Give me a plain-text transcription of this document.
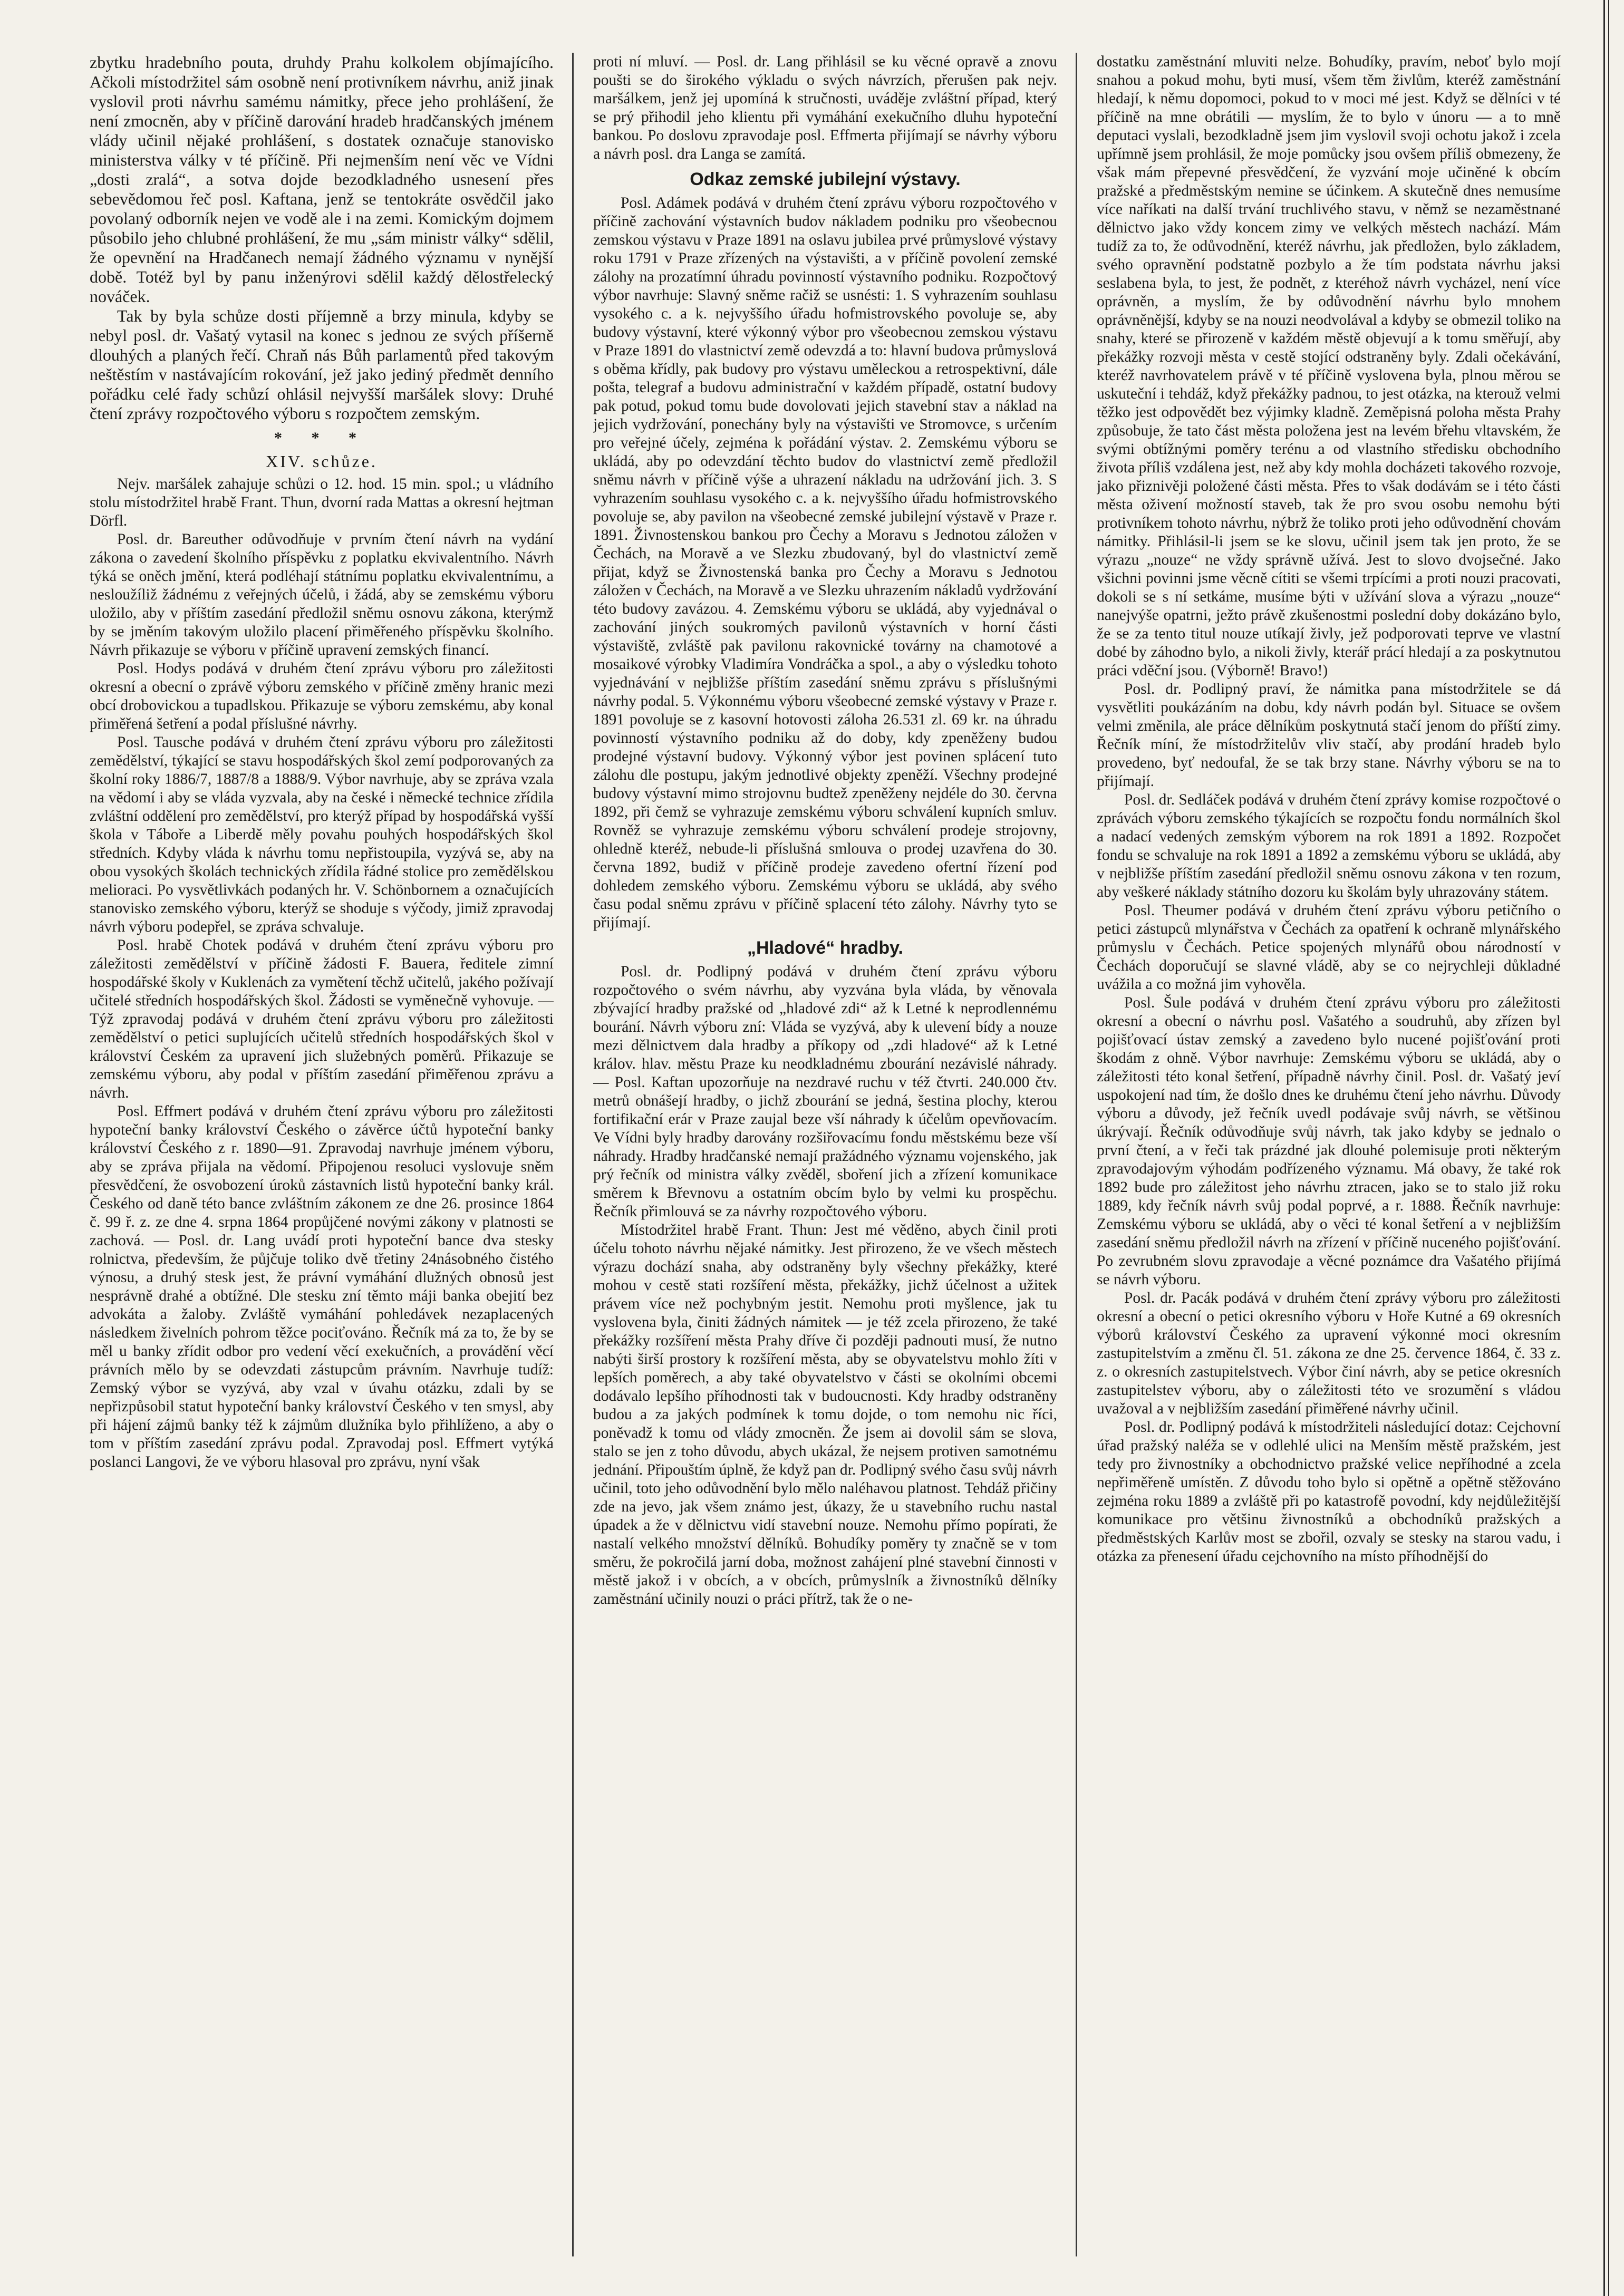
zbytku hradebního pouta, druhdy Prahu kolkolem objímajícího. Ačkoli místodržitel sám osobně není protivníkem návrhu, aniž jinak vyslovil proti návrhu samému námitky, přece jeho prohlášení, že není zmocněn, aby v příčině darování hradeb hradčanských jménem vlády učinil nějaké prohlášení, s dostatek označuje stanovisko ministerstva války v té příčině. Při nejmenším není věc ve Vídni „dosti zralá“, a sotva dojde bezodkladného usnesení přes sebevědomou řeč posl. Kaftana, jenž se tentokráte osvědčil jako povolaný odborník nejen ve vodě ale i na zemi. Komickým dojmem působilo jeho chlubné prohlášení, že mu „sám ministr války“ sdělil, že opevnění na Hradčanech nemají žádného významu v nynější době. Totéž byl by panu inženýrovi sdělil každý dělostřelecký nováček.

Tak by byla schůze dosti příjemně a brzy minula, kdyby se nebyl posl. dr. Vašatý vytasil na konec s jednou ze svých příšerně dlouhých a planých řečí. Chraň nás Bůh parlamentů před takovým neštěstím v nastávajícím rokování, jež jako jediný předmět denního pořádku celé řady schůzí ohlásil nejvyšší maršálek slovy: Druhé čtení zprávy rozpočtového výboru s rozpočtem zemským.

* * *
XIV. schůze.

Nejv. maršálek zahajuje schůzi o 12. hod. 15 min. spol.; u vládního stolu místodržitel hrabě Frant. Thun, dvorní rada Mattas a okresní hejtman Dörfl.

Posl. dr. Bareuther odůvodňuje v prvním čtení návrh na vydání zákona o zavedení školního příspěvku z poplatku ekvivalentního. Návrh týká se oněch jmění, která podléhají státnímu poplatku ekvivalentnímu, a nesloužíliž žádnému z veřejných účelů, i žádá, aby se zemskému výboru uložilo, aby v příštím zasedání předložil sněmu osnovu zákona, kterýmž by se jměním takovým uložilo placení přiměřeného příspěvku školního. Návrh přikazuje se výboru v příčině upravení zemských financí.

Posl. Hodys podává v druhém čtení zprávu výboru pro záležitosti okresní a obecní o zprávě výboru zemského v příčině změny hranic mezi obcí drobovickou a tupadlskou. Přikazuje se výboru zemskému, aby konal přiměřená šetření a podal příslušné návrhy.

Posl. Tausche podává v druhém čtení zprávu výboru pro záležitosti zemědělství, týkající se stavu hospodářských škol zemí podporovaných za školní roky 1886/7, 1887/8 a 1888/9. Výbor navrhuje, aby se zpráva vzala na vědomí i aby se vláda vyzvala, aby na české i německé technice zřídila zvláštní oddělení pro zemědělství, pro kterýž případ by hospodářská vyšší škola v Táboře a Liberdě měly povahu pouhých hospodářských škol středních. Kdyby vláda k návrhu tomu nepřistoupila, vyzývá se, aby na obou vysokých školách technických zřídila řádné stolice pro zemědělskou melioraci. Po vysvětlivkách podaných hr. V. Schönbornem a označujících stanovisko zemského výboru, kterýž se shoduje s výčody, jimiž zpravodaj návrh výboru podepřel, se zpráva schvaluje.

Posl. hrabě Chotek podává v druhém čtení zprávu výboru pro záležitosti zemědělství v příčině žádosti F. Bauera, ředitele zimní hospodářské školy v Kuklenách za vymětení těchž učitelů, jakého požívají učitelé středních hospodářských škol. Žádosti se vyměnečně vyhovuje. — Týž zpravodaj podává v druhém čtení zprávu výboru pro záležitosti zemědělství o petici suplujících učitelů středních hospodářských škol v království Českém za upravení jich služebných poměrů. Přikazuje se zemskému výboru, aby podal v příštím zasedání přiměřenou zprávu a návrh.

Posl. Effmert podává v druhém čtení zprávu výboru pro záležitosti hypoteční banky království Českého o závěrce účtů hypoteční banky království Českého z r. 1890—91. Zpravodaj navrhuje jménem výboru, aby se zpráva přijala na vědomí. Připojenou resoluci vyslovuje sněm přesvědčení, že osvobození úroků zástavních listů hypoteční banky král. Českého od daně této bance zvláštním zákonem ze dne 26. prosince 1864 č. 99 ř. z. ze dne 4. srpna 1864 propůjčené novými zákony v platnosti se zachová. — Posl. dr. Lang uvádí proti hypoteční bance dva stesky rolnictva, především, že půjčuje toliko dvě třetiny 24násobného čistého výnosu, a druhý stesk jest, že právní vymáhání dlužných obnosů jest nesprávně drahé a obtížné. Dle stesku zní těmto máji banka obejití bez advokáta a žaloby. Zvláště vymáhání pohledávek nezaplacených následkem živelních pohrom těžce pociťováno. Řečník má za to, že by se měl u banky zřídit odbor pro vedení věcí exekučních, a provádění věcí právních mělo by se odevzdati zástupcům právním. Navrhuje tudíž: Zemský výbor se vyzývá, aby vzal v úvahu otázku, zdali by se nepřizpůsobil statut hypoteční banky království Českého v ten smysl, aby při hájení zájmů banky též k zájmům dlužníka bylo přihlíženo, a aby o tom v příštím zasedání zprávu podal. Zpravodaj posl. Effmert vytýká poslanci Langovi, že ve výboru hlasoval pro zprávu, nyní však

proti ní mluví. — Posl. dr. Lang přihlásil se ku věcné opravě a znovu poušti se do širokého výkladu o svých návrzích, přerušen pak nejv. maršálkem, jenž jej upomíná k stručnosti, uváděje zvláštní případ, který se prý přihodil jeho klientu při vymáhání exekučního dluhu hypoteční bankou. Po doslovu zpravodaje posl. Effmerta přijímají se návrhy výboru a návrh posl. dra Langa se zamítá.

Odkaz zemské jubilejní výstavy.

Posl. Adámek podává v druhém čtení zprávu výboru rozpočtového v příčině zachování výstavních budov nákladem podniku pro všeobecnou zemskou výstavu v Praze 1891 na oslavu jubilea prvé průmyslové výstavy roku 1791 v Praze zřízených na výstavišti, a v příčině povolení zemské zálohy na prozatímní úhradu povinností výstavního podniku. Rozpočtový výbor navrhuje: Slavný sněme račiž se usnésti: 1. S vyhrazením souhlasu vysokého c. a k. nejvyššího úřadu hofmistrovského povoluje se, aby budovy výstavní, které výkonný výbor pro všeobecnou zemskou výstavu v Praze 1891 do vlastnictví země odevzdá a to: hlavní budova průmyslová s oběma křídly, pak budovy pro výstavu uměleckou a retrospektivní, dále pošta, telegraf a budovu administrační v každém případě, ostatní budovy pak potud, pokud tomu bude dovolovati jejich stavební stav a náklad na jejich vydržování, ponechány byly na výstavišti ve Stromovce, s určením pro veřejné účely, zejména k pořádání výstav. 2. Zemskému výboru se ukládá, aby po odevzdání těchto budov do vlastnictví země předložil sněmu návrh v příčině výše a uhrazení nákladu na udržování jich. 3. S vyhrazením souhlasu vysokého c. a k. nejvyššího úřadu hofmistrovského povoluje se, aby pavilon na všeobecné zemské jubilejní výstavě v Praze r. 1891. Živnostenskou bankou pro Čechy a Moravu s Jednotou záložen v Čechách, na Moravě a ve Slezku zbudovaný, byl do vlastnictví země přijat, když se Živnostenská banka pro Čechy a Moravu s Jednotou záložen v Čechách, na Moravě a ve Slezku uhrazením nákladů vydržování této budovy zavázou. 4. Zemskému výboru se ukládá, aby vyjednával o zachování jiných soukromých pavilonů výstavních v horní části výstaviště, zvláště pak pavilonu rakovnické továrny na chamotové a mosaikové výrobky Vladimíra Vondráčka a spol., a aby o výsledku tohoto vyjednávání v nejbližše příštím zasedání sněmu zprávu s příslušnými návrhy podal. 5. Výkonnému výboru všeobecné zemské výstavy v Praze r. 1891 povoluje se z kasovní hotovosti záloha 26.531 zl. 69 kr. na úhradu povinností výstavního podniku až do doby, kdy zpeněženy budou prodejné výstavní budovy. Výkonný výbor jest povinen splácení tuto zálohu dle postupu, jakým jednotlivé objekty zpeněží. Všechny prodejné budovy výstavní mimo strojovnu budtež zpeněženy nejdéle do 30. června 1892, při čemž se vyhrazuje zemskému výboru schválení kupních smluv. Rovněž se vyhrazuje zemskému výboru schválení prodeje strojovny, ohledně kteréž, nebude-li příslušná smlouva o prodej uzavřena do 30. června 1892, budiž v příčině prodeje zavedeno ofertní řízení pod dohledem zemského výboru. Zemskému výboru se ukládá, aby svého času podal sněmu zprávu v příčině splacení této zálohy. Návrhy tyto se přijímají.

„Hladové“ hradby.

Posl. dr. Podlipný podává v druhém čtení zprávu výboru rozpočtového o svém návrhu, aby vyzvána byla vláda, by věnovala zbývající hradby pražské od „hladové zdi“ až k Letné k neprodlennému bourání. Návrh výboru zní: Vláda se vyzývá, aby k ulevení bídy a nouze mezi dělnictvem dala hradby a příkopy od „zdi hladové“ až k Letné králov. hlav. městu Praze ku neodkladnému zbourání nezávislé náhrady. — Posl. Kaftan upozorňuje na nezdravé ruchu v též čtvrti. 240.000 čtv. metrů obnášejí hradby, o jichž zbourání se jedná, šestina plochy, kterou fortifikační erár v Praze zaujal beze vší náhrady k účelům opevňovacím. Ve Vídni byly hradby darovány rozšiřovacímu fondu městskému beze vší náhrady. Hradby hradčanské nemají pražádného významu vojenského, jak prý řečník od ministra války zvěděl, sboření jich a zřízení komunikace směrem k Břevnovu a ostatním obcím bylo by velmi ku prospěchu. Řečník přimlouvá se za návrhy rozpočtového výboru.

Místodržitel hrabě Frant. Thun: Jest mé věděno, abych činil proti účelu tohoto návrhu nějaké námitky. Jest přirozeno, že ve všech městech výrazu dochází snaha, aby odstraněny byly všechny překážky, které mohou v cestě stati rozšíření města, překážky, jichž účelnost a užitek právem více než pochybným jestit. Nemohu proti myšlence, jak tu vyslovena byla, činiti žádných námitek — je též zcela přirozeno, že také překážky rozšíření města Prahy dříve či později padnouti musí, že nutno nabýti širší prostory k rozšíření města, aby se obyvatelstvu mohlo žíti v lepších poměrech, a aby také obyvatelstvo v části se okolními obcemi dodávalo lepšího příhodnosti tak v budoucnosti. Kdy hradby odstraněny budou a za jakých podmínek k tomu dojde, o tom nemohu nic říci, poněvadž k tomu od vlády zmocněn. Že jsem ai dovolil sám se slova, stalo se jen z toho důvodu, abych ukázal, že nejsem protiven samotnému jednání. Připouštím úplně, že když pan dr. Podlipný svého času svůj návrh učinil, toto jeho odůvodnění bylo mělo naléhavou platnost. Tehdáž přičiny zde na jevo, jak všem známo jest, úkazy, že u stavebního ruchu nastal úpadek a že v dělnictvu vidí stavební nouze. Nemohu přímo popírati, že nastalí velkého množství dělníků. Bohudíky poměry ty značně se v tom směru, že pokročilá jarní doba, možnost zahájení plné stavební činnosti v městě jakož i v obcích, a v obcích, průmyslník a živnostníků dělníky zaměstnání učinily nouzi o práci přítrž, tak že o ne-

dostatku zaměstnání mluviti nelze. Bohudíky, pravím, neboť bylo mojí snahou a pokud mohu, byti musí, všem těm živlům, kteréž zaměstnání hledají, k němu dopomoci, pokud to v moci mé jest. Když se dělníci v té příčině na mne obrátili — myslím, že to bylo v únoru — a to mně deputaci vyslali, bezodkladně jsem jim vyslovil svoji ochotu jakož i zcela upřímně jsem prohlásil, že moje pomůcky jsou ovšem příliš obmezeny, že však mám přepevné přesvědčení, že vyzvání moje učiněné k obcím pražské a předměstským nemine se účinkem. A skutečně dnes nemusíme více naříkati na další trvání truchlivého stavu, v němž se nezaměstnané dělnictvo jako vždy koncem zimy ve velkých městech nachází. Mám tudíž za to, že odůvodnění, kteréž návrhu, jak předložen, bylo základem, svého opravnění podstatně pozbylo a že tím podstata návrhu jaksi seslabena byla, to jest, že podnět, z kteréhož návrh vycházel, není více oprávněn, a myslím, že by odůvodnění návrhu bylo mnohem oprávněnější, kdyby se na nouzi neodvolával a kdyby se obmezil toliko na snahy, které se přirozeně v každém městě objevují a k tomu směřují, aby překážky rozvoji města v cestě stojící odstraněny byly. Zdali očekávání, kteréž navrhovatelem právě v té příčině vyslovena byla, plnou měrou se uskuteční i tehdáž, když překážky padnou, to jest otázka, na kterouž velmi těžko jest odpovědět bez výjimky kladně. Zeměpisná poloha města Prahy způsobuje, že tato část města položena jest na levém břehu vltavském, že svými obtížnými poměry terénu a od vlastního středisku obchodního života příliš vzdálena jest, než aby kdy mohla docházeti takového rozvoje, jako přiznivěji položené části města. Přes to však dodávám se i této části města oživení možností staveb, tak že pro svou osobu nemohu býti protivníkem tohoto návrhu, nýbrž že toliko proti jeho odůvodnění chovám námitky. Přihlásil-li jsem se ke slovu, učinil jsem tak jen proto, že se výrazu „nouze“ ne vždy správně užívá. Jest to slovo dvojsečné. Jako všichni povinni jsme věcně cítiti se všemi trpícími a proti nouzi pracovati, dokoli se s ní setkáme, musíme býti v užívání slova a výrazu „nouze“ nanejvýše opatrni, ježto právě zkušenostmi poslední doby dokázáno bylo, že se za tento titul nouze utíkají živly, jež podporovati teprve ve vlastní dobé by záhodno bylo, a nikoli živly, kterář prácí hledají a za poskytnutou práci vděční jsou. (Výborně! Bravo!)

Posl. dr. Podlipný praví, že námitka pana místodržitele se dá vysvětliti poukázáním na dobu, kdy návrh podán byl. Situace se ovšem velmi změnila, ale práce dělníkům poskytnutá stačí jenom do příští zimy. Řečník míní, že místodržitelův vliv stačí, aby prodání hradeb bylo provedeno, byť nedoufal, že se tak brzy stane. Návrhy výboru se na to přijímají.

Posl. dr. Sedláček podává v druhém čtení zprávy komise rozpočtové o zprávách výboru zemského týkajících se rozpočtu fondu normálních škol a nadací vedených zemským výborem na rok 1891 a 1892. Rozpočet fondu se schvaluje na rok 1891 a 1892 a zemskému výboru se ukládá, aby v nejbližše příštím zasedání předložil sněmu osnovu zákona v ten rozum, aby veškeré náklady státního dozoru ku školám byly uhrazovány státem.

Posl. Theumer podává v druhém čtení zprávu výboru petičního o petici zástupců mlynářstva v Čechách za opatření k ochraně mlynářského průmyslu v Čechách. Petice spojených mlynářů obou národností v Čechách doporučují se slavné vládě, aby se co nejrychleji důkladné uvážila a co možná jim vyhověla.

Posl. Šule podává v druhém čtení zprávu výboru pro záležitosti okresní a obecní o návrhu posl. Vašatého a soudruhů, aby zřízen byl pojišťovací ústav zemský a zavedeno bylo nucené pojišťování proti škodám z ohně. Výbor navrhuje: Zemskému výboru se ukládá, aby o záležitosti této konal šetření, případně návrhy činil. Posl. dr. Vašatý jeví uspokojení nad tím, že došlo dnes ke druhému čtení jeho návrhu. Důvody výboru a důvody, jež řečník uvedl podávaje svůj návrh, se většinou úkrývají. Řečník odůvodňuje svůj návrh, tak jako kdyby se jednalo o první čtení, a v řeči tak prázdné jak dlouhé polemisuje proti některým zpravodajovým výhodám podřízeného významu. Má obavy, že také rok 1892 bude pro záležitost jeho návrhu ztracen, jako se to stalo již roku 1889, kdy řečník návrh svůj podal poprvé, a r. 1888. Řečník navrhuje: Zemskému výboru se ukládá, aby o věci té konal šetření a v nejbližším zasedání sněmu předložil návrh na zřízení v příčině nuceného pojišťování. Po zevrubném slovu zpravodaje a věcné poznámce dra Vašatého přijímá se návrh výboru.

Posl. dr. Pacák podává v druhém čtení zprávy výboru pro záležitosti okresní a obecní o petici okresního výboru v Hoře Kutné a 69 okresních výborů království Českého za upravení výkonné moci okresním zastupitelstvím a změnu čl. 51. zákona ze dne 25. července 1864, č. 33 z. z. o okresních zastupitelstvech. Výbor činí návrh, aby se petice okresních zastupitelstev výboru, aby o záležitosti této ve srozumění s vládou uvažoval a v nejbližším zasedání přiměřené návrhy učinil.

Posl. dr. Podlipný podává k místodržiteli následující dotaz: Cejchovní úřad pražský naléža se v odlehlé ulici na Menším městě pražském, jest tedy pro živnostníky a obchodnictvo pražské velice nepříhodné a zcela nepřiměřeně umístěn. Z důvodu toho bylo si opětně a opětně stěžováno zejména roku 1889 a zvláště při po katastrofě povodní, kdy nejdůležitější komunikace pro většinu živnostníků a obchodníků pražských a předměstských Karlův most se zbořil, ozvaly se stesky na starou vadu, i otázka za přenesení úřadu cejchovního na místo příhodnější do
